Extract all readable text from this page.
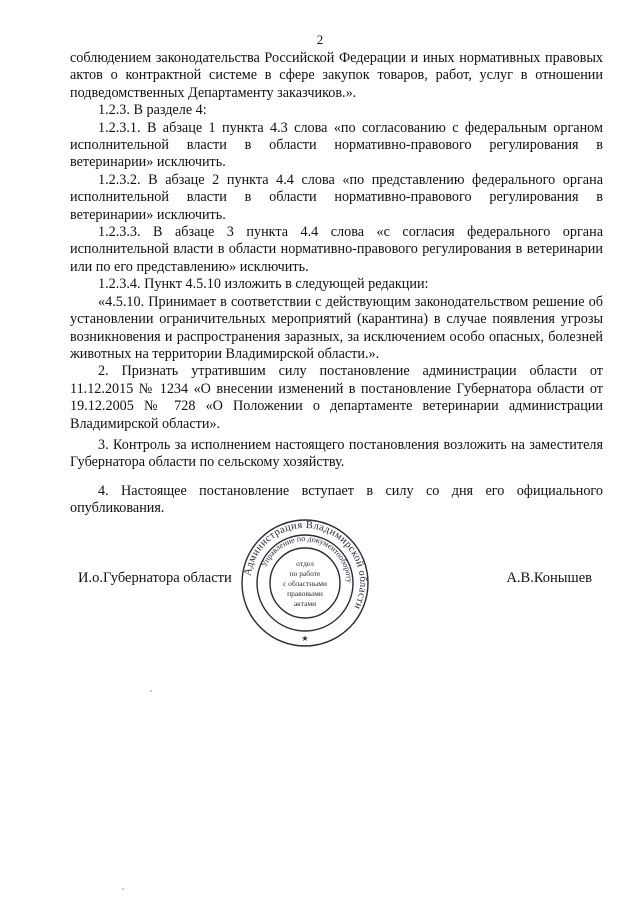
2

соблюдением законодательства Российской Федерации и иных нормативных правовых актов о контрактной системе в сфере закупок товаров, работ, услуг в отношении подведомственных Департаменту заказчиков.».

1.2.3. В разделе 4:

1.2.3.1. В абзаце 1 пункта 4.3 слова «по согласованию с федеральным органом исполнительной власти в области нормативно-правового регулирования в ветеринарии» исключить.

1.2.3.2. В абзаце 2 пункта 4.4 слова «по представлению федерального органа исполнительной власти в области нормативно-правового регулирования в ветеринарии» исключить.

1.2.3.3. В абзаце 3 пункта 4.4 слова «с согласия федерального органа исполнительной власти в области нормативно-правового регулирования в ветеринарии или по его представлению» исключить.

1.2.3.4. Пункт 4.5.10 изложить в следующей редакции:

«4.5.10. Принимает в соответствии с действующим законодательством решение об установлении ограничительных мероприятий (карантина) в случае появления угрозы возникновения и распространения заразных, за исключением особо опасных, болезней животных на территории Владимирской области.».

2. Признать утратившим силу постановление администрации области от 11.12.2015 № 1234 «О внесении изменений в постановление Губернатора области от 19.12.2005 № 728 «О Положении о департаменте ветеринарии администрации Владимирской области».

3. Контроль за исполнением настоящего постановления возложить на заместителя Губернатора области по сельскому хозяйству.

4. Настоящее постановление вступает в силу со дня его официального опубликования.

И.о.Губернатора области	А.В.Конышев
Администрация Владимирской области
Управление по документообороту
отдел
по работе
с областными
правовыми
актами
★
